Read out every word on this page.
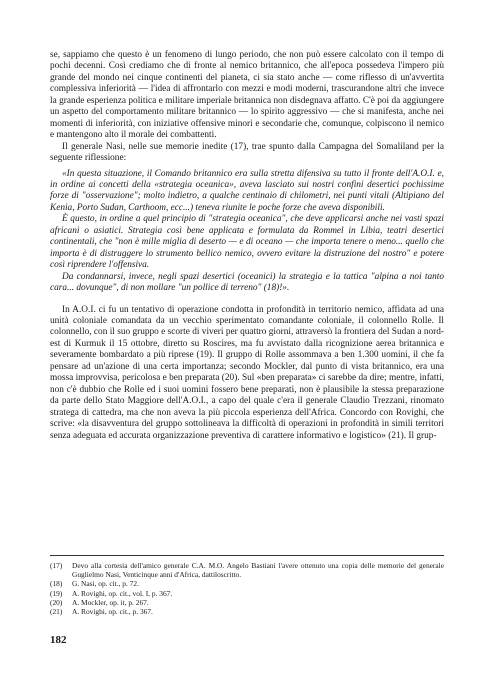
se, sappiamo che questo è un fenomeno di lungo periodo, che non può essere calcolato con il tempo di pochi decenni. Così crediamo che di fronte al nemico britannico, che all'epoca possedeva l'impero più grande del mondo nei cinque continenti del pianeta, ci sia stato anche — come riflesso di un'avvertita complessiva inferiorità — l'idea di affrontarlo con mezzi e modi moderni, trascurandone altri che invece la grande esperienza politica e militare imperiale britannica non disdegnava affatto. C'è poi da aggiungere un aspetto del comportamento militare britannico — lo spirito aggressivo — che si manifesta, anche nei momenti di inferiorità, con iniziative offensive minori e secondarie che, comunque, colpiscono il nemico e mantengono alto il morale dei combattenti.

Il generale Nasi, nelle sue memorie inedite (17), trae spunto dalla Campagna del Somaliland per la seguente riflessione:

«In questa situazione, il Comando britannico era sulla stretta difensiva su tutto il fronte dell'A.O.I. e, in ordine ai concetti della «strategia oceanica», aveva lasciato sui nostri confini desertici pochissime forze di "osservazione"; molto indietro, a qualche centinaio di chilometri, nei punti vitali (Altipiano del Kenia, Porto Sudan, Carthoom, ecc...) teneva riunite le poche forze che aveva disponibili.

È questo, in ordine a quel principio di "strategia oceanica", che deve applicarsi anche nei vasti spazi africani o asiatici. Strategia così bene applicata e formulata da Rommel in Libia, teatri desertici continentali, che "non è mille miglia di deserto — e di oceano — che importa tenere o meno... quello che importa è di distruggere lo strumento bellico nemico, ovvero evitare la distruzione del nostro" e potere così riprendere l'offensiva.

Da condannarsi, invece, negli spazi desertici (oceanici) la strategia e la tattica "alpina a noi tanto cara... dovunque", di non mollare "un pollice di terreno" (18)!».

In A.O.I. ci fu un tentativo di operazione condotta in profondità in territorio nemico, affidata ad una unità coloniale comandata da un vecchio sperimentato comandante coloniale, il colonnello Rolle. Il colonnello, con il suo gruppo e scorte di viveri per quattro giorni, attraversò la frontiera del Sudan a nord-est di Kurmuk il 15 ottobre, diretto su Roscires, ma fu avvistato dalla ricognizione aerea britannica e severamente bombardato a più riprese (19). Il gruppo di Rolle assommava a ben 1.300 uomini, il che fa pensare ad un'azione di una certa importanza; secondo Mockler, dal punto di vista britannico, era una mossa improvvisa, pericolosa e ben preparata (20). Sul «ben preparata» ci sarebbe da dire; mentre, infatti, non c'è dubbio che Rolle ed i suoi uomini fossero bene preparati, non è plausibile la stessa preparazione da parte dello Stato Maggiore dell'A.O.I., a capo del quale c'era il generale Claudio Trezzani, rinomato stratega di cattedra, ma che non aveva la più piccola esperienza dell'Africa. Concordo con Rovighi, che scrive: «la disavventura del gruppo sottolineava la difficoltà di operazioni in profondità in simili territori senza adeguata ed accurata organizzazione preventiva di carattere informativo e logistico» (21). Il grup-

(17)	Devo alla cortesia dell'amico generale C.A. M.O. Angelo Bastiani l'avere ottenuto una copia delle memorie del generale Guglielmo Nasi, Venticinque anni d'Africa, dattiloscritto.
(18)	G. Nasi, op. cit., p. 72.
(19)	A. Rovighi, op. cit., vol. I, p. 367.
(20)	A. Mockler, op. it, p. 267.
(21)	A. Rovighi, op. cit., p. 367.
182
